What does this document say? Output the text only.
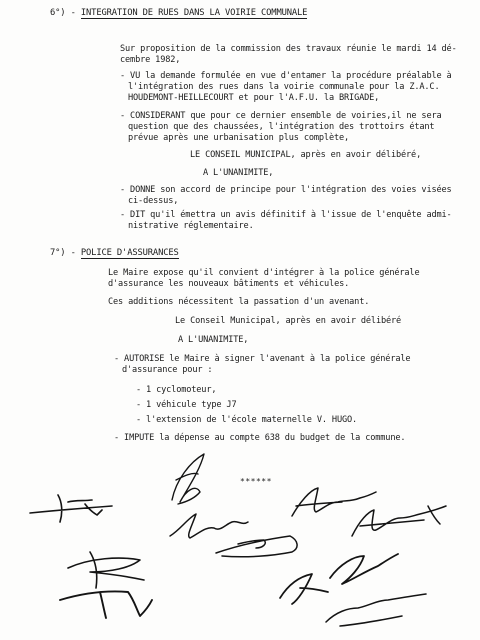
6°) - INTEGRATION DE RUES DANS LA VOIRIE COMMUNALE
Sur proposition de la commission des travaux réunie le mardi 14 dé-
cembre 1982,
- VU la demande formulée en vue d'entamer la procédure préalable à
l'intégration des rues dans la voirie communale pour la Z.A.C.
HOUDEMONT-HEILLECOURT et pour l'A.F.U. la BRIGADE,
- CONSIDERANT que pour ce dernier ensemble de voiries,il ne sera
question que des chaussées, l'intégration des trottoirs étant
prévue après une urbanisation plus complète,
LE CONSEIL MUNICIPAL, après en avoir délibéré,
A L'UNANIMITE,
- DONNE son accord de principe pour l'intégration des voies visées
ci-dessus,
- DIT qu'il émettra un avis définitif à l'issue de l'enquête admi-
nistrative réglementaire.
7°) - POLICE D'ASSURANCES
Le Maire expose qu'il convient d'intégrer à la police générale
d'assurance les nouveaux bâtiments et véhicules.
Ces additions nécessitent la passation d'un avenant.
Le Conseil Municipal, après en avoir délibéré
A L'UNANIMITE,
- AUTORISE le Maire à signer l'avenant à la police générale
d'assurance pour :
- 1 cyclomoteur,
- 1 véhicule type J7
- l'extension de l'école maternelle V. HUGO.
- IMPUTE la dépense au compte 638 du budget de la commune.
******
